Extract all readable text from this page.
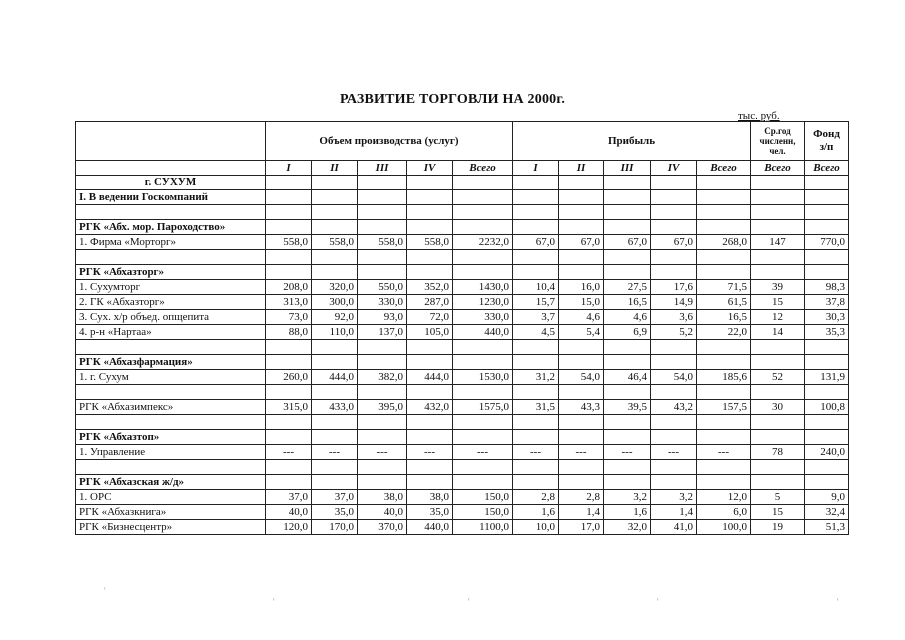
РАЗВИТИЕ ТОРГОВЛИ НА 2000г.
тыс. руб.
	Объем производства (услуг)					Прибыль					Ср.год численн, чел.	Фонд з/п
	I	II	III	IV	Всего	I	II	III	IV	Всего	Всего	Всего
г. СУХУМ												
I. В ведении Госкомпаний												

РГК «Абх. мор. Пароходство»												
1. Фирма «Морторг»	558,0	558,0	558,0	558,0	2232,0	67,0	67,0	67,0	67,0	268,0	147	770,0

РГК «Абхазторг»												
1. Сухумторг	208,0	320,0	550,0	352,0	1430,0	10,4	16,0	27,5	17,6	71,5	39	98,3
2. ГК «Абхазторг»	313,0	300,0	330,0	287,0	1230,0	15,7	15,0	16,5	14,9	61,5	15	37,8
3. Сух. х/р объед. опщепита	73,0	92,0	93,0	72,0	330,0	3,7	4,6	4,6	3,6	16,5	12	30,3
4. р-н «Нартаа»	88,0	110,0	137,0	105,0	440,0	4,5	5,4	6,9	5,2	22,0	14	35,3

РГК «Абхазфармация»												
1. г. Сухум	260,0	444,0	382,0	444,0	1530,0	31,2	54,0	46,4	54,0	185,6	52	131,9

РГК «Абхазимпекс»	315,0	433,0	395,0	432,0	1575,0	31,5	43,3	39,5	43,2	157,5	30	100,8

РГК «Абхазтоп»												
1. Управление	---	---	---	---	---	---	---	---	---	---	78	240,0

РГК «Абхазская ж/д»												
1. ОРС	37,0	37,0	38,0	38,0	150,0	2,8	2,8	3,2	3,2	12,0	5	9,0
РГК «Абхазкнига»	40,0	35,0	40,0	35,0	150,0	1,6	1,4	1,6	1,4	6,0	15	32,4
РГК «Бизнесцентр»	120,0	170,0	370,0	440,0	1100,0	10,0	17,0	32,0	41,0	100,0	19	51,3
ʻ
ʻ	ʻ	ʻ	ʻ
